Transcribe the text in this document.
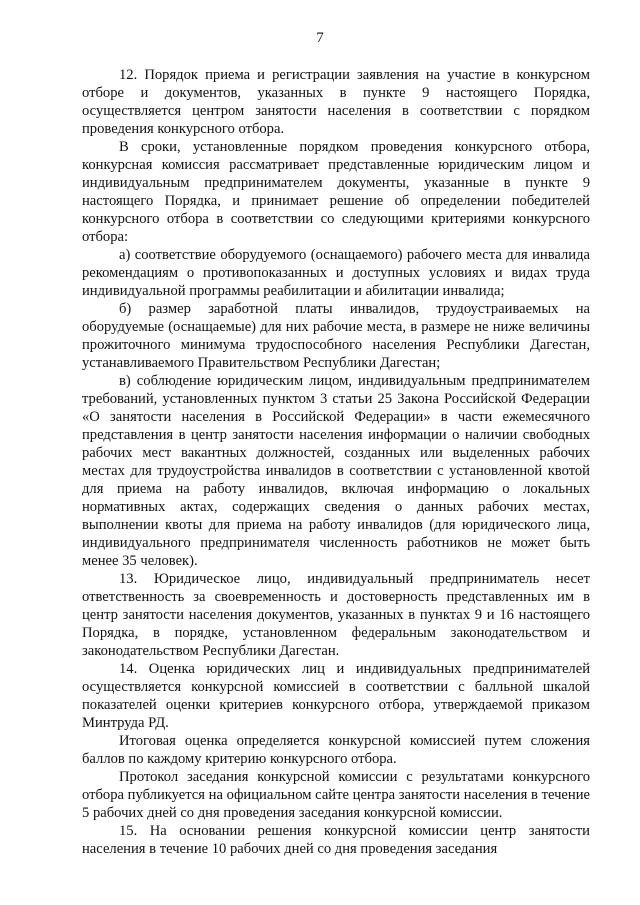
7

12. Порядок приема и регистрации заявления на участие в конкурсном отборе и документов, указанных в пункте 9 настоящего Порядка, осуществляется центром занятости населения в соответствии с порядком проведения конкурсного отбора.

В сроки, установленные порядком проведения конкурсного отбора, конкурсная комиссия рассматривает представленные юридическим лицом и индивидуальным предпринимателем документы, указанные в пункте 9 настоящего Порядка, и принимает решение об определении победителей конкурсного отбора в соответствии со следующими критериями конкурсного отбора:

а) соответствие оборудуемого (оснащаемого) рабочего места для инвалида рекомендациям о противопоказанных и доступных условиях и видах труда индивидуальной программы реабилитации и абилитации инвалида;

б) размер заработной платы инвалидов, трудоустраиваемых на оборудуемые (оснащаемые) для них рабочие места, в размере не ниже величины прожиточного минимума трудоспособного населения Республики Дагестан, устанавливаемого Правительством Республики Дагестан;

в) соблюдение юридическим лицом, индивидуальным предпринимателем требований, установленных пунктом 3 статьи 25 Закона Российской Федерации «О занятости населения в Российской Федерации» в части ежемесячного представления в центр занятости населения информации о наличии свободных рабочих мест вакантных должностей, созданных или выделенных рабочих местах для трудоустройства инвалидов в соответствии с установленной квотой для приема на работу инвалидов, включая информацию о локальных нормативных актах, содержащих сведения о данных рабочих местах, выполнении квоты для приема на работу инвалидов (для юридического лица, индивидуального предпринимателя численность работников не может быть менее 35 человек).

13. Юридическое лицо, индивидуальный предприниматель несет ответственность за своевременность и достоверность представленных им в центр занятости населения документов, указанных в пунктах 9 и 16 настоящего Порядка, в порядке, установленном федеральным законодательством и законодательством Республики Дагестан.

14. Оценка юридических лиц и индивидуальных предпринимателей осуществляется конкурсной комиссией в соответствии с балльной шкалой показателей оценки критериев конкурсного отбора, утверждаемой приказом Минтруда РД.

Итоговая оценка определяется конкурсной комиссией путем сложения баллов по каждому критерию конкурсного отбора.

Протокол заседания конкурсной комиссии с результатами конкурсного отбора публикуется на официальном сайте центра занятости населения в течение 5 рабочих дней со дня проведения заседания конкурсной комиссии.

15. На основании решения конкурсной комиссии центр занятости населения в течение 10 рабочих дней со дня проведения заседания
